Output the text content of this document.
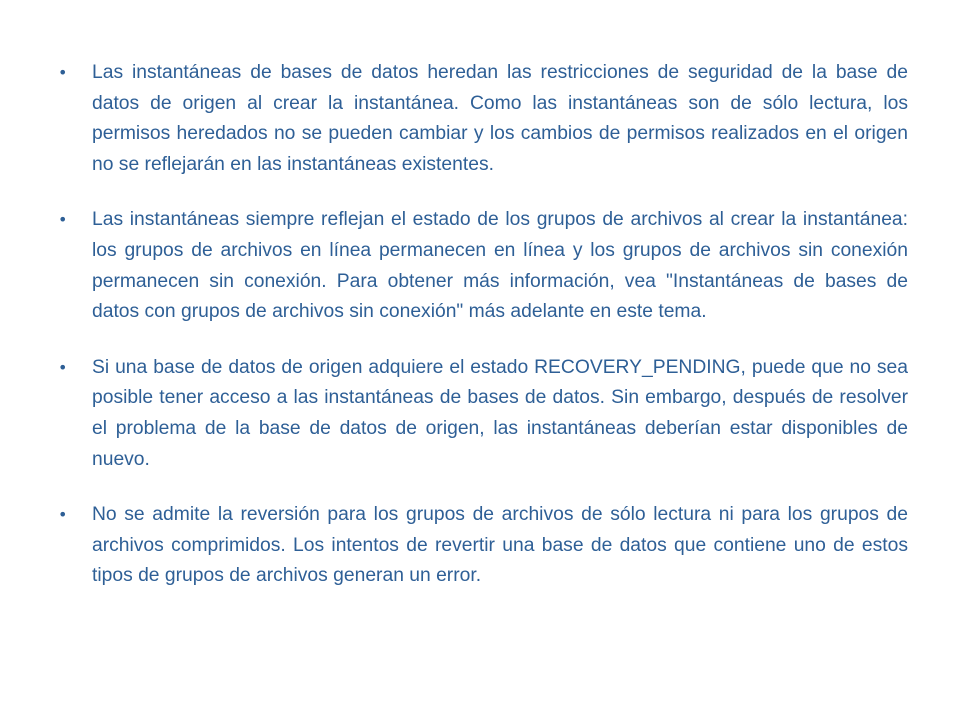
•	Las instantáneas de bases de datos heredan las restricciones de seguridad de la base de datos de origen al crear la instantánea. Como las instantáneas son de sólo lectura, los permisos heredados no se pueden cambiar y los cambios de permisos realizados en el origen no se reflejarán en las instantáneas existentes.
•	Las instantáneas siempre reflejan el estado de los grupos de archivos al crear la instantánea: los grupos de archivos en línea permanecen en línea y los grupos de archivos sin conexión permanecen sin conexión. Para obtener más información, vea "Instantáneas de bases de datos con grupos de archivos sin conexión" más adelante en este tema.
•	Si una base de datos de origen adquiere el estado RECOVERY_PENDING, puede que no sea posible tener acceso a las instantáneas de bases de datos. Sin embargo, después de resolver el problema de la base de datos de origen, las instantáneas deberían estar disponibles de nuevo.
•	No se admite la reversión para los grupos de archivos de sólo lectura ni para los grupos de archivos comprimidos. Los intentos de revertir una base de datos que contiene uno de estos tipos de grupos de archivos generan un error.
